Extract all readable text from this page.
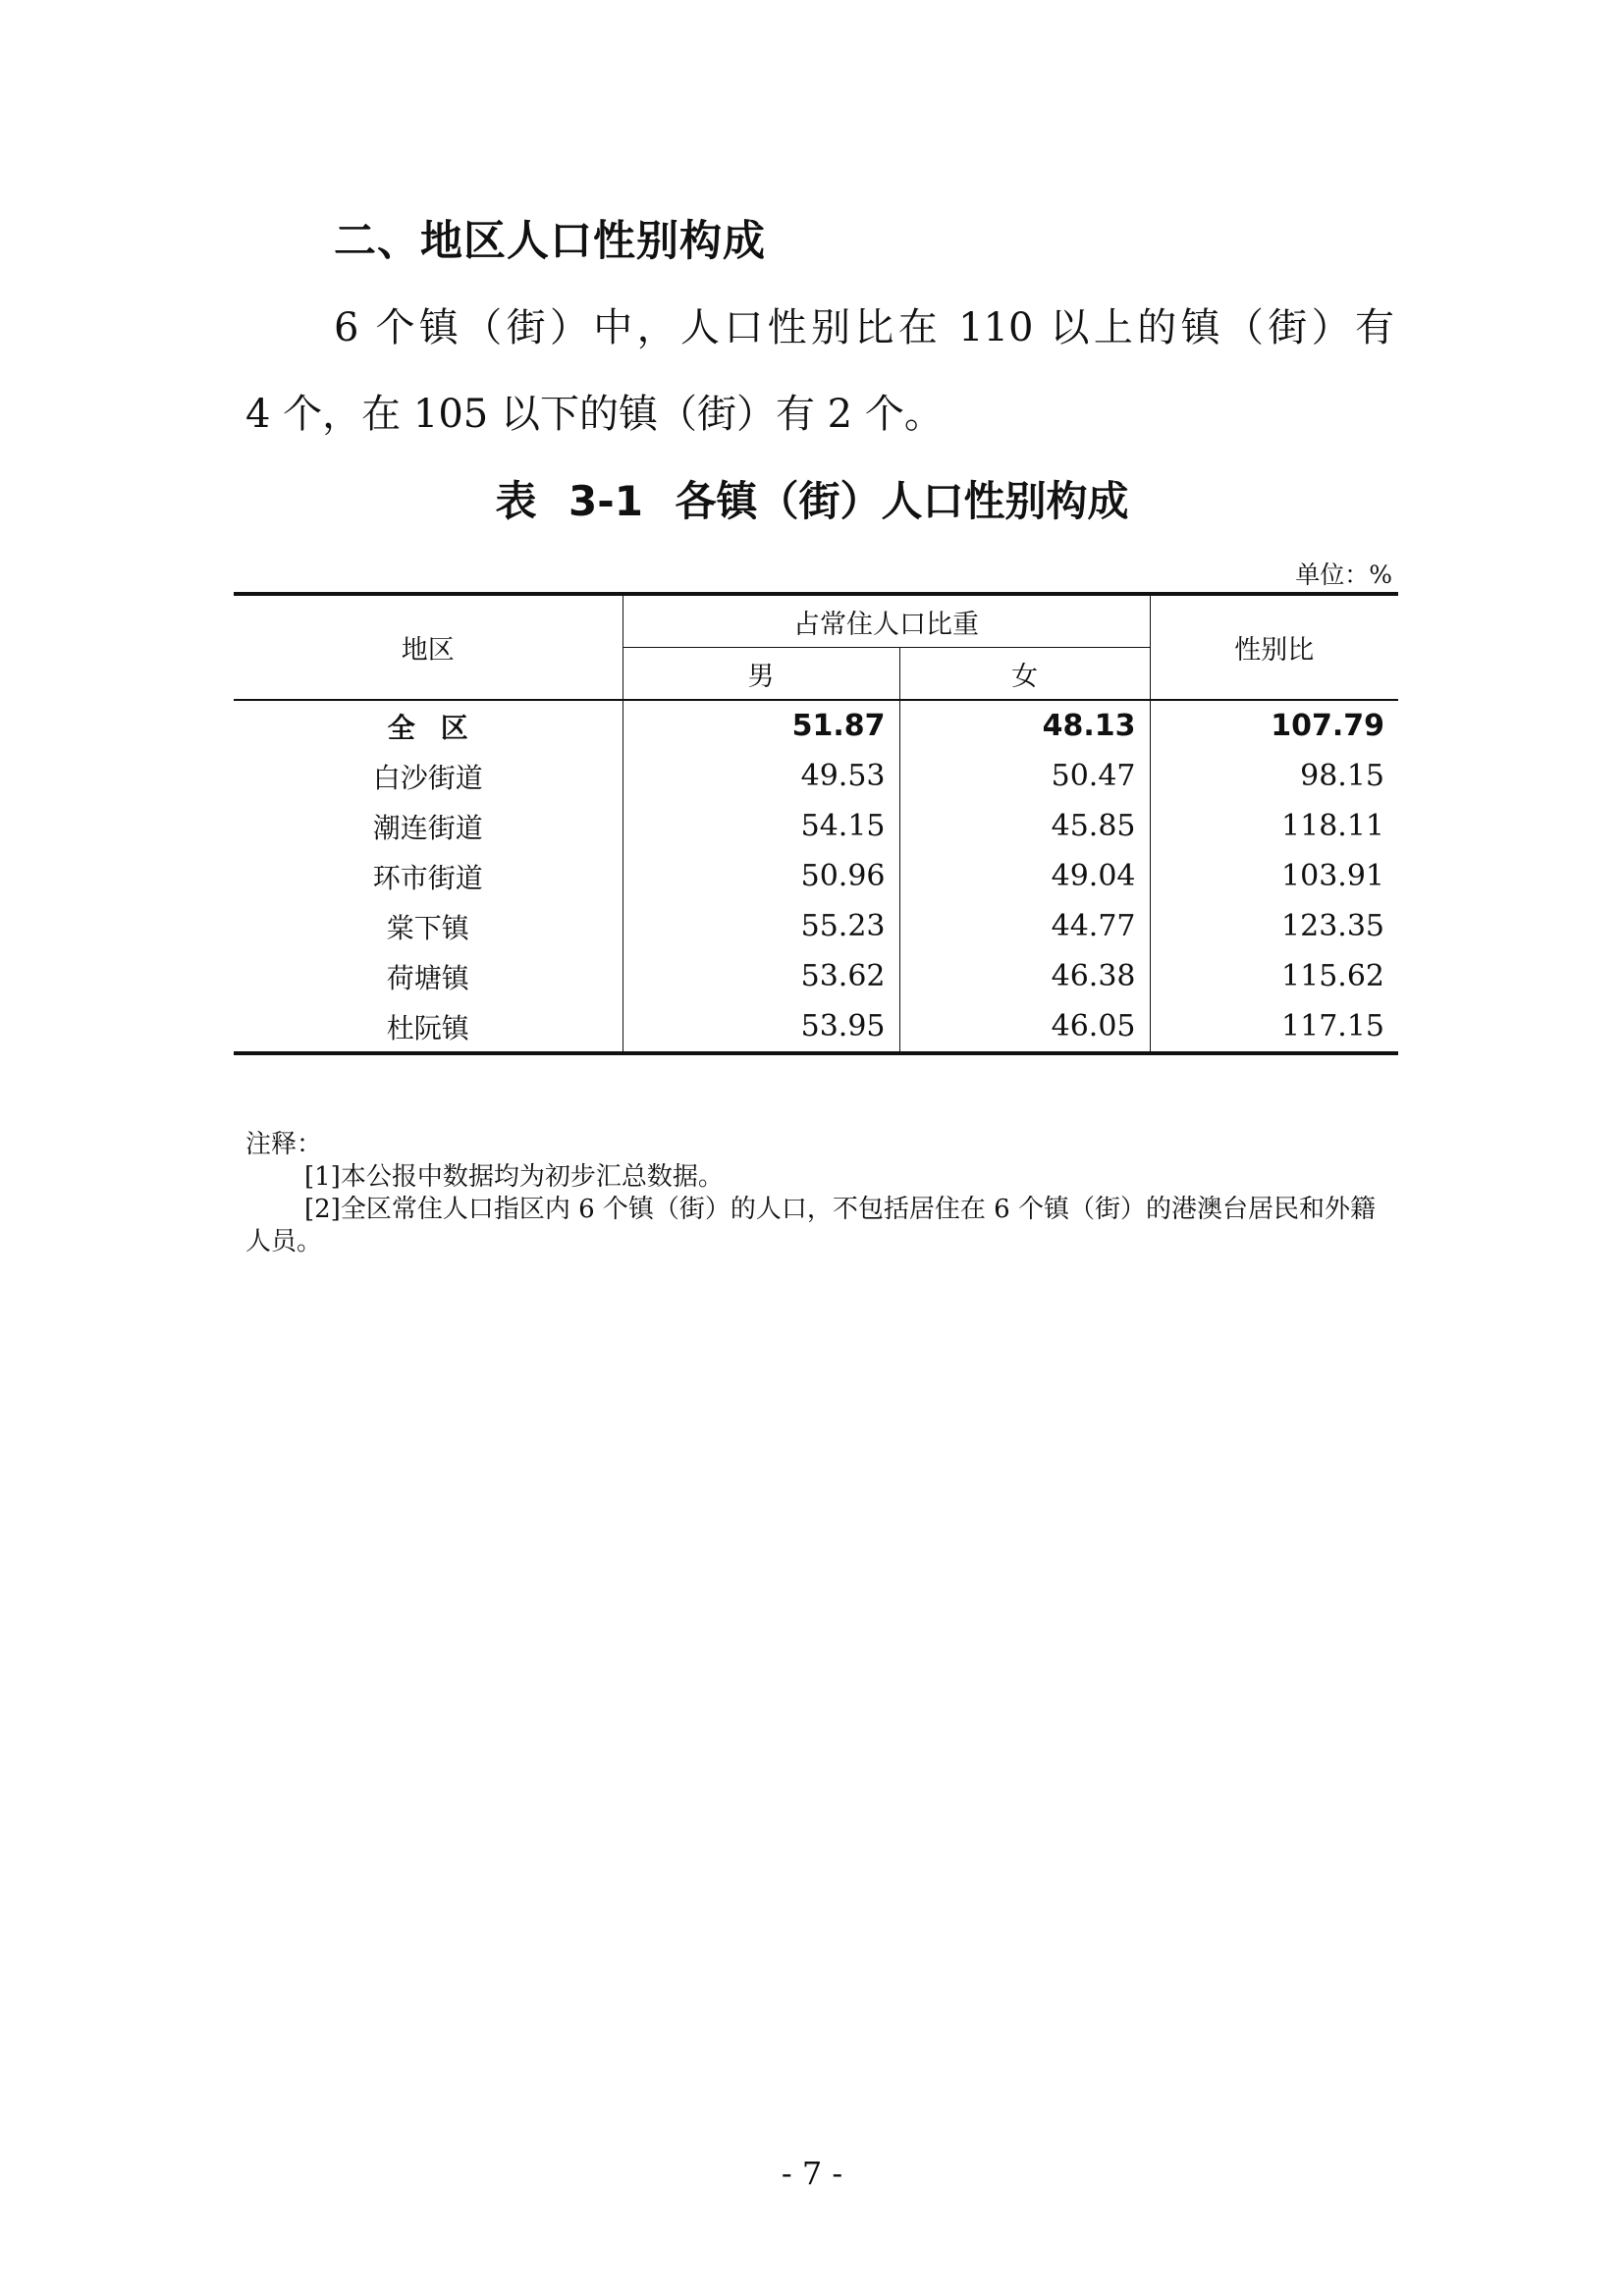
二、地区人口性别构成

6 个镇（街）中，人口性别比在 110 以上的镇（街）有

4 个，在 105 以下的镇（街）有 2 个。

表 3-1 各镇（街）人口性别构成

单位：%

地区	占常住人口比重		性别比
	男	女	
全区	51.87	48.13	107.79
白沙街道	49.53	50.47	98.15
潮连街道	54.15	45.85	118.11
环市街道	50.96	49.04	103.91
棠下镇	55.23	44.77	123.35
荷塘镇	53.62	46.38	115.62
杜阮镇	53.95	46.05	117.15

注释：

[1]本公报中数据均为初步汇总数据。

[2]全区常住人口指区内 6 个镇（街）的人口，不包括居住在 6 个镇（街）的港澳台居民和外籍人员。

- 7 -
